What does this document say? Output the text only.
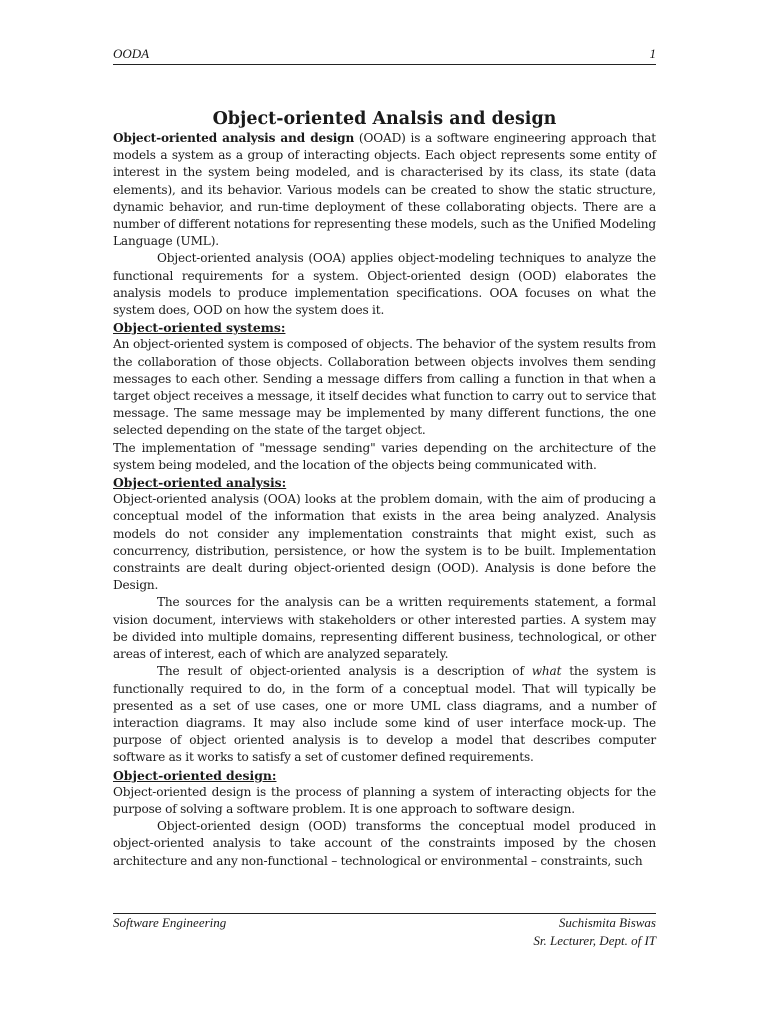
OODA	1
Object-oriented Analsis and design

Object-oriented analysis and design (OOAD) is a software engineering approach that models a system as a group of interacting objects. Each object represents some entity of interest in the system being modeled, and is characterised by its class, its state (data elements), and its behavior. Various models can be created to show the static structure, dynamic behavior, and run-time deployment of these collaborating objects. There are a number of different notations for representing these models, such as the Unified Modeling Language (UML).

Object-oriented analysis (OOA) applies object-modeling techniques to analyze the functional requirements for a system. Object-oriented design (OOD) elaborates the analysis models to produce implementation specifications. OOA focuses on what the system does, OOD on how the system does it.

Object-oriented systems:

An object-oriented system is composed of objects. The behavior of the system results from the collaboration of those objects. Collaboration between objects involves them sending messages to each other. Sending a message differs from calling a function in that when a target object receives a message, it itself decides what function to carry out to service that message. The same message may be implemented by many different functions, the one selected depending on the state of the target object.

The implementation of "message sending" varies depending on the architecture of the system being modeled, and the location of the objects being communicated with.

Object-oriented analysis:

Object-oriented analysis (OOA) looks at the problem domain, with the aim of producing a conceptual model of the information that exists in the area being analyzed. Analysis models do not consider any implementation constraints that might exist, such as concurrency, distribution, persistence, or how the system is to be built. Implementation constraints are dealt during object-oriented design (OOD). Analysis is done before the Design.

The sources for the analysis can be a written requirements statement, a formal vision document, interviews with stakeholders or other interested parties. A system may be divided into multiple domains, representing different business, technological, or other areas of interest, each of which are analyzed separately.

The result of object-oriented analysis is a description of what the system is functionally required to do, in the form of a conceptual model. That will typically be presented as a set of use cases, one or more UML class diagrams, and a number of interaction diagrams. It may also include some kind of user interface mock-up. The purpose of object oriented analysis is to develop a model that describes computer software as it works to satisfy a set of customer defined requirements.

Object-oriented design:

Object-oriented design is the process of planning a system of interacting objects for the purpose of solving a software problem. It is one approach to software design.

Object-oriented design (OOD) transforms the conceptual model produced in object-oriented analysis to take account of the constraints imposed by the chosen architecture and any non-functional – technological or environmental – constraints, such

Software Engineering	Suchismita Biswas
Sr. Lecturer, Dept. of IT
